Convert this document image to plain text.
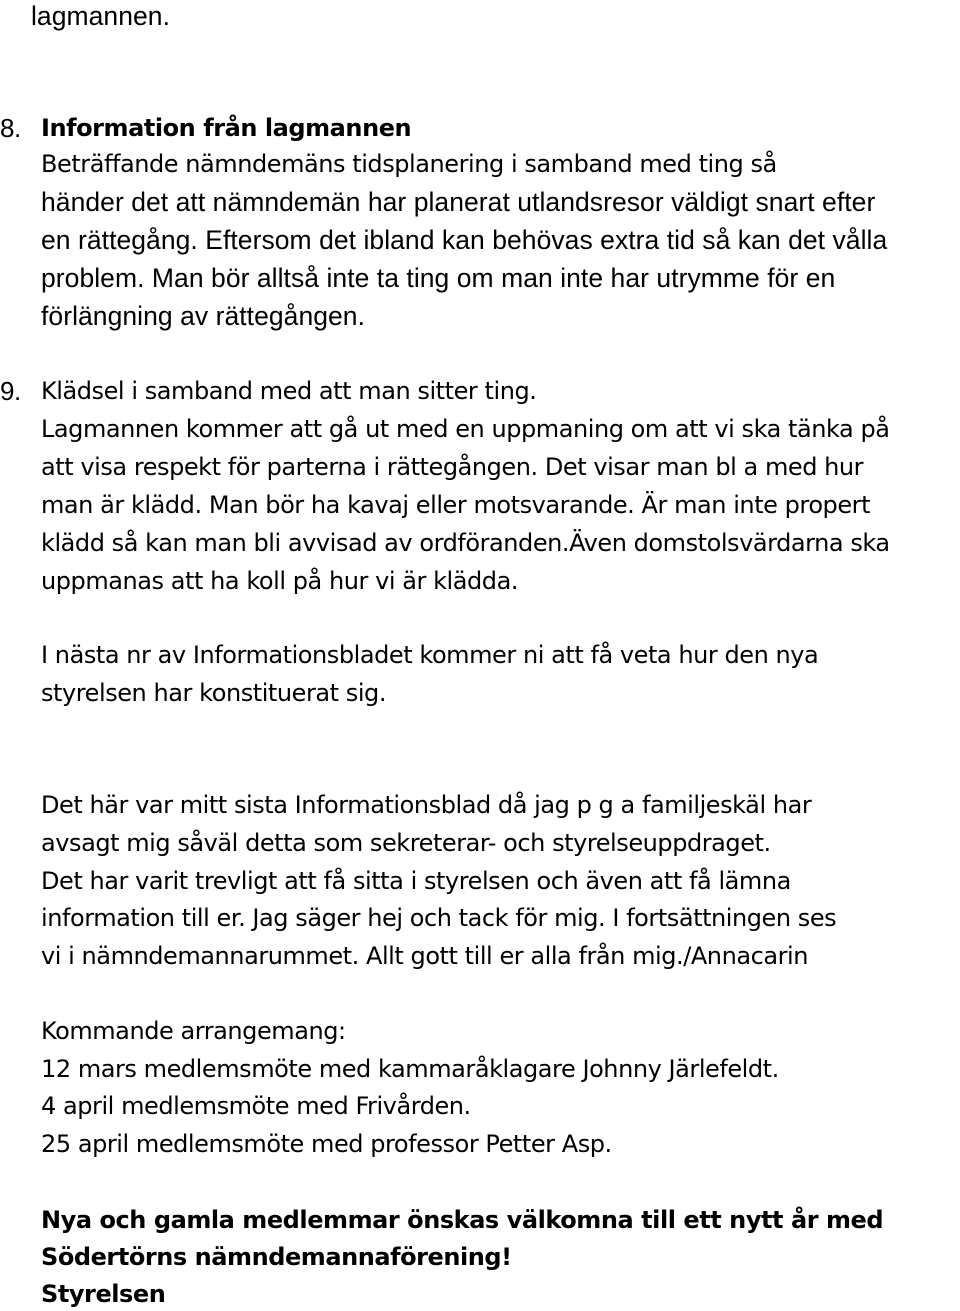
lagmannen.

8. Information från lagmannen

Beträffande nämndemäns tidsplanering i samband med ting så

händer det att nämndemän har planerat utlandsresor väldigt snart efter

en rättegång. Eftersom det ibland kan behövas extra tid så kan det vålla

problem. Man bör alltså inte ta ting om man inte har utrymme för en

förlängning av rättegången.

9. Klädsel i samband med att man sitter ting.

Lagmannen kommer att gå ut med en uppmaning om att vi ska tänka på

att visa respekt för parterna i rättegången. Det visar man bl a med hur

man är klädd. Man bör ha kavaj eller motsvarande. Är man inte propert

klädd så kan man bli avvisad av ordföranden.Även domstolsvärdarna ska

uppmanas att ha koll på hur vi är klädda.

I nästa nr av Informationsbladet kommer ni att få veta hur den nya

styrelsen har konstituerat sig.

Det här var mitt sista Informationsblad då jag p g a familjeskäl har

avsagt mig såväl detta som sekreterar- och styrelseuppdraget.

Det har varit trevligt att få sitta i styrelsen och även att få lämna

information till er. Jag säger hej och tack för mig. I fortsättningen ses

vi i nämndemannarummet. Allt gott till er alla från mig./Annacarin

Kommande arrangemang:

12 mars medlemsmöte med kammaråklagare Johnny Järlefeldt.

4 april medlemsmöte med Frivården.

25 april medlemsmöte med professor Petter Asp.

Nya och gamla medlemmar önskas välkomna till ett nytt år med

Södertörns nämndemannaförening!

Styrelsen
